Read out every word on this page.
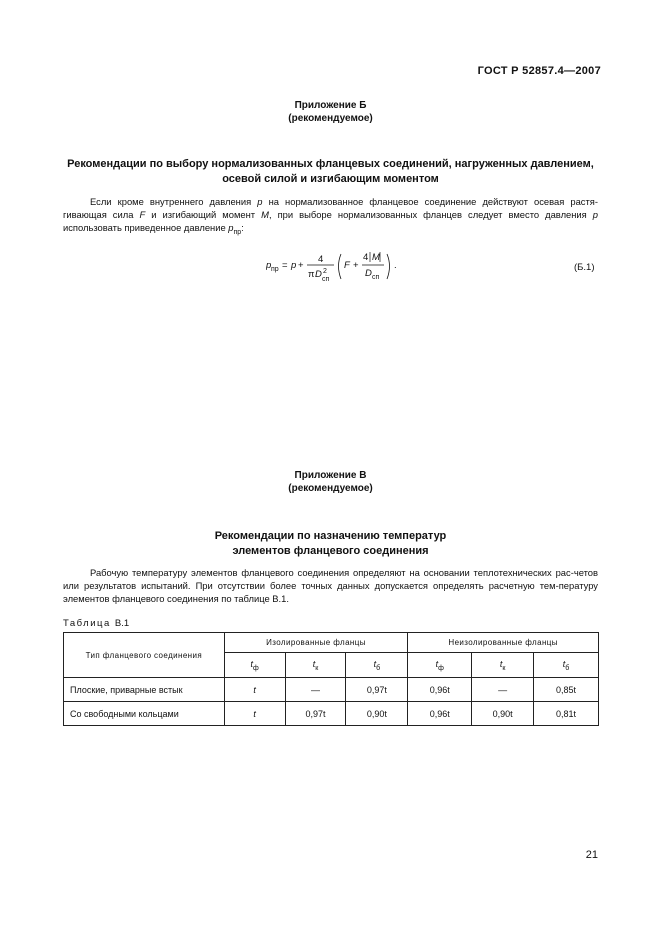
ГОСТ Р 52857.4—2007
Приложение Б
(рекомендуемое)
Рекомендации по выбору нормализованных фланцевых соединений, нагруженных давлением,
осевой силой и изгибающим моментом
Если кроме внутреннего давления p на нормализованное фланцевое соединение действуют осевая растя-гивающая сила F и изгибающий момент M, при выборе нормализованных фланцев следует вместо давления p использовать приведенное давление $p_{пр}$:
p пр = p +
4
π D 2
сп
F +
4 M
D сп
.	(Б.1)
Приложение В
(рекомендуемое)
Рекомендации по назначению температур
элементов фланцевого соединения
Рабочую температуру элементов фланцевого соединения определяют на основании теплотехнических рас-четов или результатов испытаний. При отсутствии более точных данных допускается определять расчетную тем-пературу элементов фланцевого соединения по таблице В.1.
Таблица В.1
Тип фланцевого соединения	Изолированные фланцы			Неизолированные фланцы		
	$t_ф$	$t_к$	$t_б$	$t_ф$	$t_к$	$t_б$
Плоские, приварные встык	t	—	0,97t	0,96t	—	0,85t
Со свободными кольцами	t	0,97t	0,90t	0,96t	0,90t	0,81t
21
